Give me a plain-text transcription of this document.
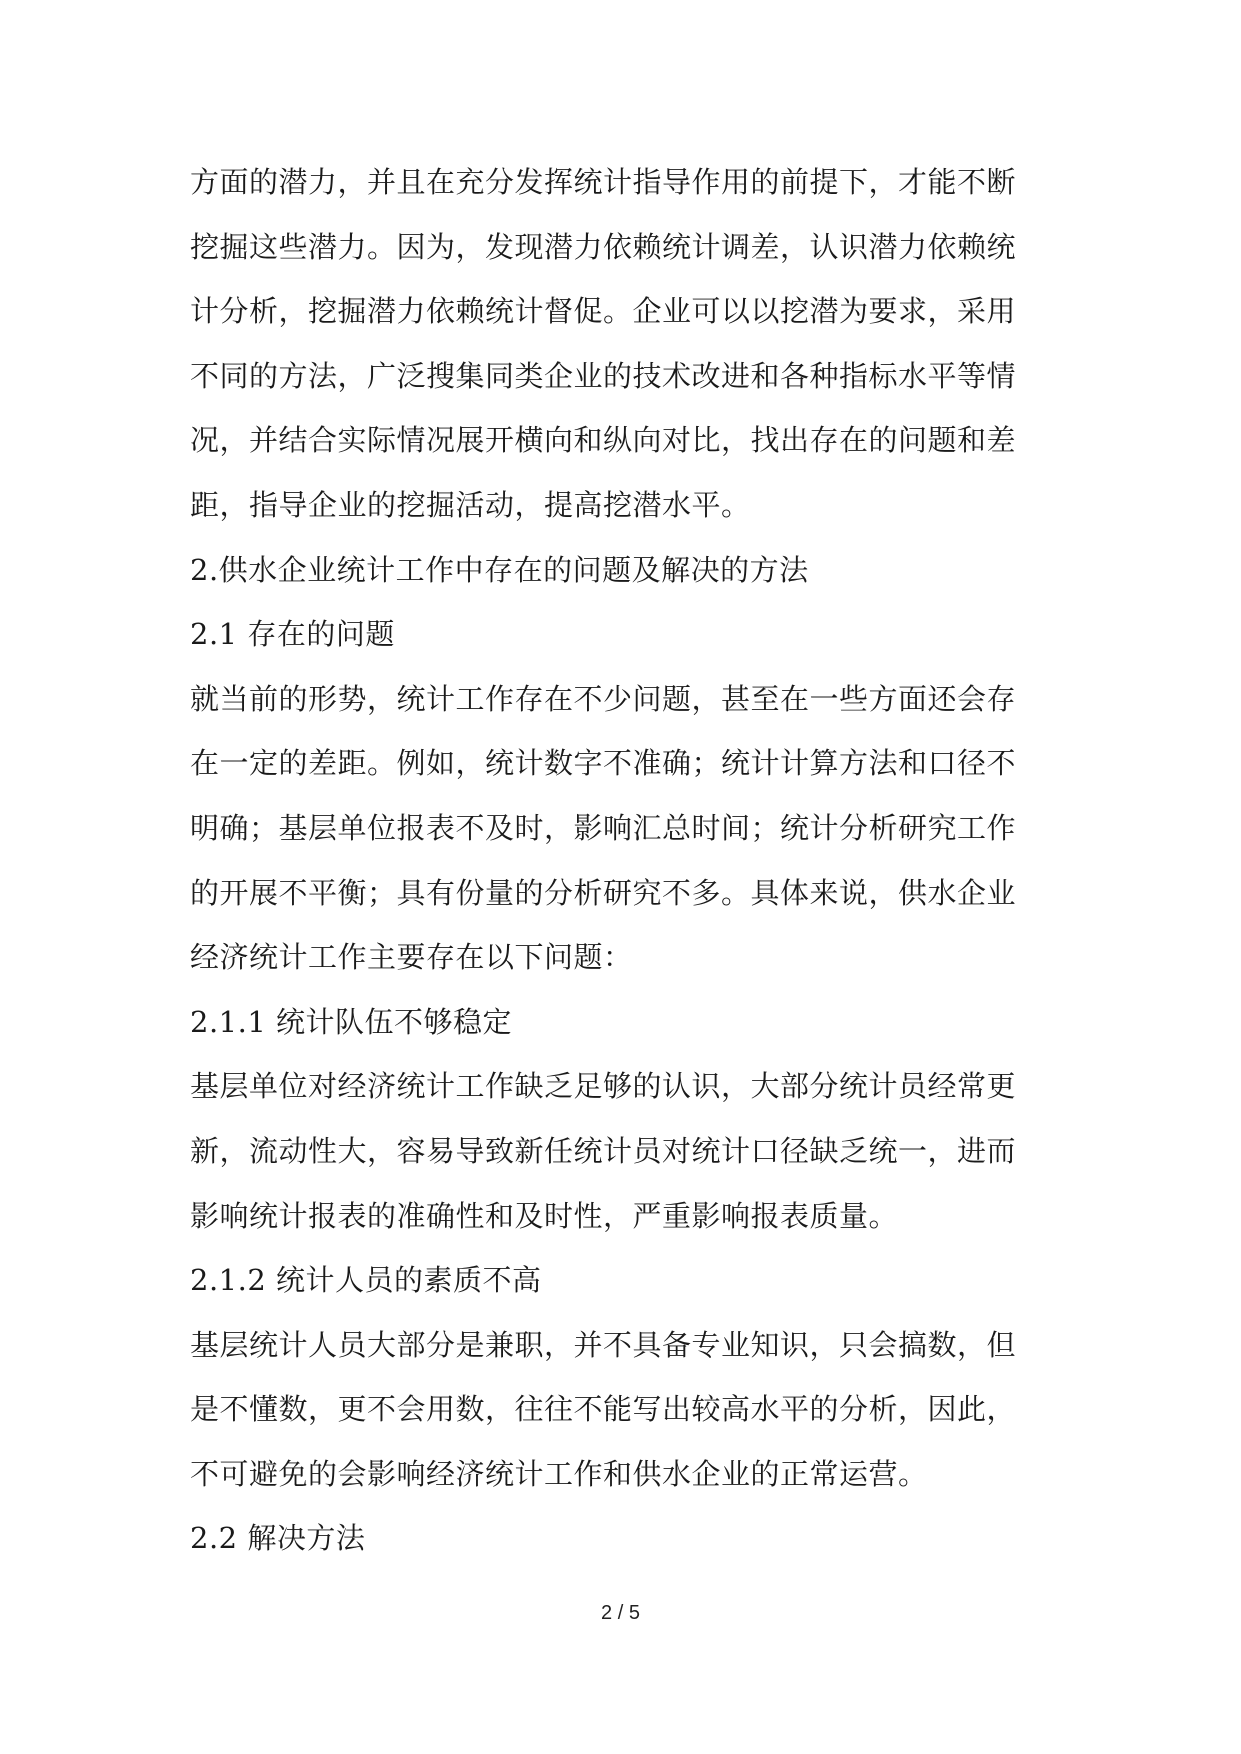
方面的潜力，并且在充分发挥统计指导作用的前提下，才能不断
挖掘这些潜力。因为，发现潜力依赖统计调差，认识潜力依赖统
计分析，挖掘潜力依赖统计督促。企业可以以挖潜为要求，采用
不同的方法，广泛搜集同类企业的技术改进和各种指标水平等情
况，并结合实际情况展开横向和纵向对比，找出存在的问题和差
距，指导企业的挖掘活动，提高挖潜水平。
2.供水企业统计工作中存在的问题及解决的方法
2.1 存在的问题
就当前的形势，统计工作存在不少问题，甚至在一些方面还会存
在一定的差距。例如，统计数字不准确；统计计算方法和口径不
明确；基层单位报表不及时，影响汇总时间；统计分析研究工作
的开展不平衡；具有份量的分析研究不多。具体来说，供水企业
经济统计工作主要存在以下问题：
2.1.1 统计队伍不够稳定
基层单位对经济统计工作缺乏足够的认识，大部分统计员经常更
新，流动性大，容易导致新任统计员对统计口径缺乏统一，进而
影响统计报表的准确性和及时性，严重影响报表质量。
2.1.2 统计人员的素质不高
基层统计人员大部分是兼职，并不具备专业知识，只会搞数，但
是不懂数，更不会用数，往往不能写出较高水平的分析，因此，
不可避免的会影响经济统计工作和供水企业的正常运营。
2.2 解决方法
2 / 5
